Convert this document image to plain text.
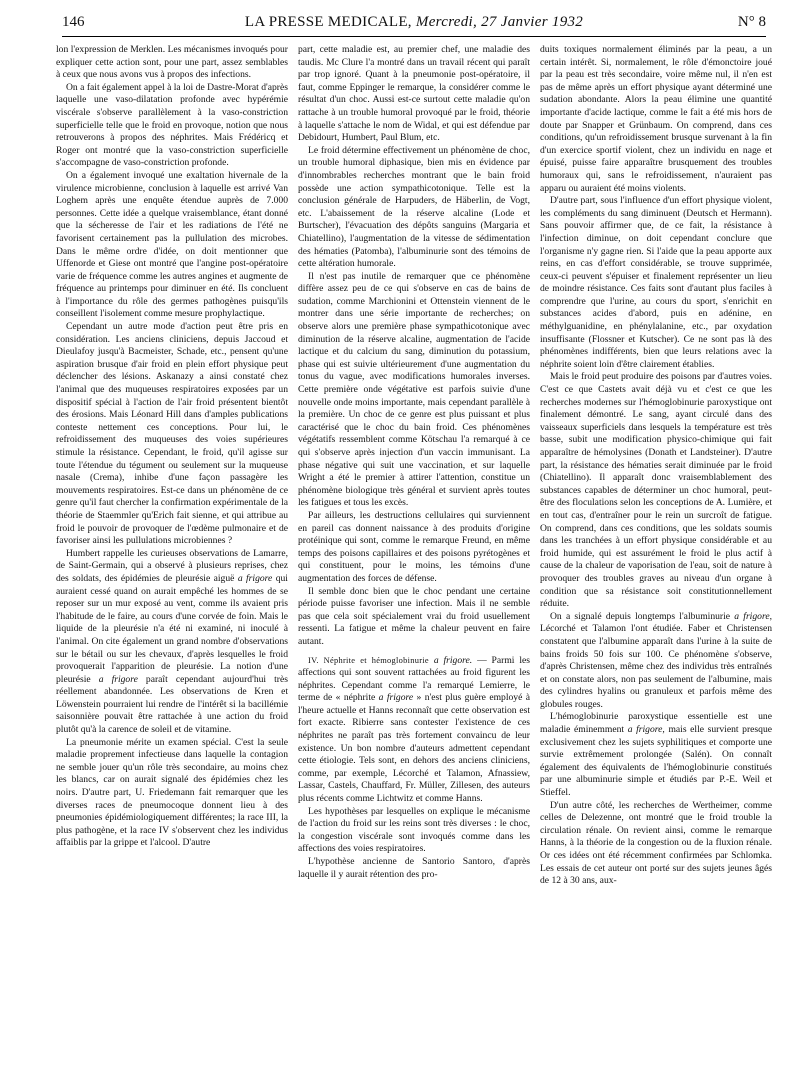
146	LA PRESSE MEDICALE, Mercredi, 27 Janvier 1932	N° 8

lon l'expression de Merklen. Les mécanismes invoqués pour expliquer cette action sont, pour une part, assez semblables à ceux que nous avons vus à propos des infections.

On a fait également appel à la loi de Dastre-Morat d'après laquelle une vaso-dilatation profonde avec hypérémie viscérale s'observe parallèlement à la vaso-constriction superficielle telle que le froid en provoque, notion que nous retrouverons à propos des néphrites. Mais Frédéricq et Roger ont montré que la vaso-constriction superficielle s'accompagne de vaso-constriction profonde.

On a également invoqué une exaltation hivernale de la virulence microbienne, conclusion à laquelle est arrivé Van Loghem après une enquête étendue auprès de 7.000 personnes. Cette idée a quelque vraisemblance, étant donné que la sécheresse de l'air et les radiations de l'été ne favorisent certainement pas la pullulation des microbes. Dans le même ordre d'idée, on doit mentionner que Uffenorde et Giese ont montré que l'angine post-opératoire varie de fréquence comme les autres angines et augmente de fréquence au printemps pour diminuer en été. Ils concluent à l'importance du rôle des germes pathogènes puisqu'ils conseillent l'isolement comme mesure prophylactique.

Cependant un autre mode d'action peut être pris en considération. Les anciens cliniciens, depuis Jaccoud et Dieulafoy jusqu'à Bacmeister, Schade, etc., pensent qu'une aspiration brusque d'air froid en plein effort physique peut déclencher des lésions. Askanazy a ainsi constaté chez l'animal que des muqueuses respiratoires exposées par un dispositif spécial à l'action de l'air froid présentent bientôt des érosions. Mais Léonard Hill dans d'amples publications conteste nettement ces conceptions. Pour lui, le refroidissement des muqueuses des voies supérieures stimule la résistance. Cependant, le froid, qu'il agisse sur toute l'étendue du tégument ou seulement sur la muqueuse nasale (Crema), inhibe d'une façon passagère les mouvements respiratoires. Est-ce dans un phénomène de ce genre qu'il faut chercher la confirmation expérimentale de la théorie de Staemmler qu'Erich fait sienne, et qui attribue au froid le pouvoir de provoquer de l'œdème pulmonaire et de favoriser ainsi les pullulations microbiennes ?

Humbert rappelle les curieuses observations de Lamarre, de Saint-Germain, qui a observé à plusieurs reprises, chez des soldats, des épidémies de pleurésie aiguë a frigore qui auraient cessé quand on aurait empêché les hommes de se reposer sur un mur exposé au vent, comme ils avaient pris l'habitude de le faire, au cours d'une corvée de foin. Mais le liquide de la pleurésie n'a été ni examiné, ni inoculé à l'animal. On cite également un grand nombre d'observations sur le bétail ou sur les chevaux, d'après lesquelles le froid provoquerait l'apparition de pleurésie. La notion d'une pleurésie a frigore paraît cependant aujourd'hui très réellement abandonnée. Les observations de Kren et Löwenstein pourraient lui rendre de l'intérêt si la bacillémie saisonnière pouvait être rattachée à une action du froid plutôt qu'à la carence de soleil et de vitamine.

La pneumonie mérite un examen spécial. C'est la seule maladie proprement infectieuse dans laquelle la contagion ne semble jouer qu'un rôle très secondaire, au moins chez les blancs, car on aurait signalé des épidémies chez les noirs. D'autre part, U. Friedemann fait remarquer que les diverses races de pneumocoque donnent lieu à des pneumonies épidémiologiquement différentes; la race III, la plus pathogène, et la race IV s'observent chez les individus affaiblis par la grippe et l'alcool. D'autre

part, cette maladie est, au premier chef, une maladie des taudis. Mc Clure l'a montré dans un travail récent qui paraît par trop ignoré. Quant à la pneumonie post-opératoire, il faut, comme Eppinger le remarque, la considérer comme le résultat d'un choc. Aussi est-ce surtout cette maladie qu'on rattache à un trouble humoral provoqué par le froid, théorie à laquelle s'attache le nom de Widal, et qui est défendue par Debidourt, Humbert, Paul Blum, etc.

Le froid détermine effectivement un phénomène de choc, un trouble humoral diphasique, bien mis en évidence par d'innombrables recherches montrant que le bain froid possède une action sympathicotonique. Telle est la conclusion générale de Harpuders, de Häberlin, de Vogt, etc. L'abaissement de la réserve alcaline (Lode et Burtscher), l'évacuation des dépôts sanguins (Margaria et Chiatellino), l'augmentation de la vitesse de sédimentation des hématies (Patomba), l'albuminurie sont des témoins de cette altération humorale.

Il n'est pas inutile de remarquer que ce phénomène diffère assez peu de ce qui s'observe en cas de bains de sudation, comme Marchionini et Ottenstein viennent de le montrer dans une série importante de recherches; on observe alors une première phase sympathicotonique avec diminution de la réserve alcaline, augmentation de l'acide lactique et du calcium du sang, diminution du potassium, phase qui est suivie ultérieurement d'une augmentation du tonus du vague, avec modifications humorales inverses. Cette première onde végétative est parfois suivie d'une nouvelle onde moins importante, mais cependant parallèle à la première. Un choc de ce genre est plus puissant et plus caractérisé que le choc du bain froid. Ces phénomènes végétatifs ressemblent comme Kötschau l'a remarqué à ce qui s'observe après injection d'un vaccin immunisant. La phase négative qui suit une vaccination, et sur laquelle Wright a été le premier à attirer l'attention, constitue un phénomène biologique très général et survient après toutes les fatigues et tous les excès.

Par ailleurs, les destructions cellulaires qui surviennent en pareil cas donnent naissance à des produits d'origine protéinique qui sont, comme le remarque Freund, en même temps des poisons capillaires et des poisons pyrétogènes et qui constituent, pour le moins, les témoins d'une augmentation des forces de défense.

Il semble donc bien que le choc pendant une certaine période puisse favoriser une infection. Mais il ne semble pas que cela soit spécialement vrai du froid usuellement ressenti. La fatigue et même la chaleur peuvent en faire autant.

IV. Néphrite et hémoglobinurie a frigore. — Parmi les affections qui sont souvent rattachées au froid figurent les néphrites. Cependant comme l'a remarqué Lemierre, le terme de « néphrite a frigore » n'est plus guère employé à l'heure actuelle et Hanns reconnaît que cette observation est fort exacte. Ribierre sans contester l'existence de ces néphrites ne paraît pas très fortement convaincu de leur existence. Un bon nombre d'auteurs admettent cependant cette étiologie. Tels sont, en dehors des anciens cliniciens, comme, par exemple, Lécorché et Talamon, Afnassiew, Lassar, Castels, Chauffard, Fr. Müller, Zillesen, des auteurs plus récents comme Lichtwitz et comme Hanns.

Les hypothèses par lesquelles on explique le mécanisme de l'action du froid sur les reins sont très diverses : le choc, la congestion viscérale sont invoqués comme dans les affections des voies respiratoires.

L'hypothèse ancienne de Santorio Santoro, d'après laquelle il y aurait rétention des pro-

duits toxiques normalement éliminés par la peau, a un certain intérêt. Si, normalement, le rôle d'émonctoire joué par la peau est très secondaire, voire même nul, il n'en est pas de même après un effort physique ayant déterminé une sudation abondante. Alors la peau élimine une quantité importante d'acide lactique, comme le fait a été mis hors de doute par Snapper et Grünbaum. On comprend, dans ces conditions, qu'un refroidissement brusque survenant à la fin d'un exercice sportif violent, chez un individu en nage et épuisé, puisse faire apparaître brusquement des troubles humoraux qui, sans le refroidissement, n'auraient pas apparu ou auraient été moins violents.

D'autre part, sous l'influence d'un effort physique violent, les compléments du sang diminuent (Deutsch et Hermann). Sans pouvoir affirmer que, de ce fait, la résistance à l'infection diminue, on doit cependant conclure que l'organisme n'y gagne rien. Si l'aide que la peau apporte aux reins, en cas d'effort considérable, se trouve supprimée, ceux-ci peuvent s'épuiser et finalement représenter un lieu de moindre résistance. Ces faits sont d'autant plus faciles à comprendre que l'urine, au cours du sport, s'enrichit en substances acides d'abord, puis en adénine, en méthylguanidine, en phénylalanine, etc., par oxydation insuffisante (Flossner et Kutscher). Ce ne sont pas là des phénomènes indifférents, bien que leurs relations avec la néphrite soient loin d'être clairement établies.

Mais le froid peut produire des poisons par d'autres voies. C'est ce que Castets avait déjà vu et c'est ce que les recherches modernes sur l'hémoglobinurie paroxystique ont finalement démontré. Le sang, ayant circulé dans des vaisseaux superficiels dans lesquels la température est très basse, subit une modification physico-chimique qui fait apparaître de hémolysines (Donath et Landsteiner). D'autre part, la résistance des hématies serait diminuée par le froid (Chiatellino). Il apparaît donc vraisemblablement des substances capables de déterminer un choc humoral, peut-être des floculations selon les conceptions de A. Lumière, et en tout cas, d'entraîner pour le rein un surcroît de fatigue. On comprend, dans ces conditions, que les soldats soumis dans les tranchées à un effort physique considérable et au froid humide, qui est assurément le froid le plus actif à cause de la chaleur de vaporisation de l'eau, soit de nature à provoquer des troubles graves au niveau d'un organe à condition que sa résistance soit constitutionnellement réduite.

On a signalé depuis longtemps l'albuminurie a frigore, Lécorché et Talamon l'ont étudiée. Faber et Christensen constatent que l'albumine apparaît dans l'urine à la suite de bains froids 50 fois sur 100. Ce phénomène s'observe, d'après Christensen, même chez des individus très entraînés et on constate alors, non pas seulement de l'albumine, mais des cylindres hyalins ou granuleux et parfois même des globules rouges.

L'hémoglobinurie paroxystique essentielle est une maladie éminemment a frigore, mais elle survient presque exclusivement chez les sujets syphilitiques et comporte une survie extrêmement prolongée (Salén). On connaît également des équivalents de l'hémoglobinurie constitués par une albuminurie simple et étudiés par P.-E. Weil et Stieffel.

D'un autre côté, les recherches de Wertheimer, comme celles de Delezenne, ont montré que le froid trouble la circulation rénale. On revient ainsi, comme le remarque Hanns, à la théorie de la congestion ou de la fluxion rénale. Or ces idées ont été récemment confirmées par Schlomka. Les essais de cet auteur ont porté sur des sujets jeunes âgés de 12 à 30 ans, aux-
